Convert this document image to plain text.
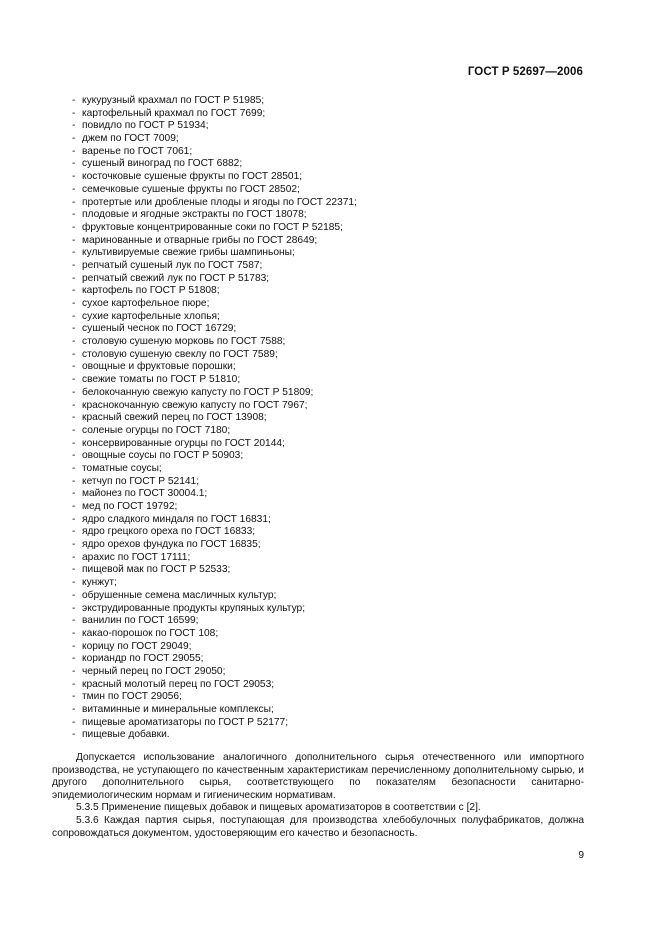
ГОСТ Р 52697—2006
- кукурузный крахмал по ГОСТ Р 51985;
- картофельный крахмал по ГОСТ 7699;
- повидло по ГОСТ Р 51934;
- джем по ГОСТ 7009;
- варенье по ГОСТ 7061;
- сушеный виноград по ГОСТ 6882;
- косточковые сушеные фрукты по ГОСТ 28501;
- семечковые сушеные фрукты по ГОСТ 28502;
- протертые или дробленые плоды и ягоды по ГОСТ 22371;
- плодовые и ягодные экстракты по ГОСТ 18078;
- фруктовые концентрированные соки по ГОСТ Р 52185;
- маринованные и отварные грибы по ГОСТ 28649;
- культивируемые свежие грибы шампиньоны;
- репчатый сушеный лук по ГОСТ 7587;
- репчатый свежий лук по ГОСТ Р 51783;
- картофель по ГОСТ Р 51808;
- сухое картофельное пюре;
- сухие картофельные хлопья;
- сушеный чеснок по ГОСТ 16729;
- столовую сушеную морковь по ГОСТ 7588;
- столовую сушеную свеклу по ГОСТ 7589;
- овощные и фруктовые порошки;
- свежие томаты по ГОСТ Р 51810;
- белокочанную свежую капусту по ГОСТ Р 51809;
- краснокочанную свежую капусту по ГОСТ 7967;
- красный свежий перец по ГОСТ 13908;
- соленые огурцы по ГОСТ 7180;
- консервированные огурцы по ГОСТ 20144;
- овощные соусы по ГОСТ Р 50903;
- томатные соусы;
- кетчуп по ГОСТ Р 52141;
- майонез по ГОСТ 30004.1;
- мед по ГОСТ 19792;
- ядро сладкого миндаля по ГОСТ 16831;
- ядро грецкого ореха по ГОСТ 16833;
- ядро орехов фундука по ГОСТ 16835;
- арахис по ГОСТ 17111;
- пищевой мак по ГОСТ Р 52533;
- кунжут;
- обрушенные семена масличных культур;
- экструдированные продукты крупяных культур;
- ванилин по ГОСТ 16599;
- какао-порошок по ГОСТ 108;
- корицу по ГОСТ 29049;
- кориандр по ГОСТ 29055;
- черный перец по ГОСТ 29050;
- красный молотый перец по ГОСТ 29053;
- тмин по ГОСТ 29056;
- витаминные и минеральные комплексы;
- пищевые ароматизаторы по ГОСТ Р 52177;
- пищевые добавки.

Допускается использование аналогичного дополнительного сырья отечественного или импортного производства, не уступающего по качественным характеристикам перечисленному дополнительному сырью, и другого дополнительного сырья, соответствующего по показателям безопасности санитарно-эпидемиологическим нормам и гигиеническим нормативам.

5.3.5 Применение пищевых добавок и пищевых ароматизаторов в соответствии с [2].

5.3.6 Каждая партия сырья, поступающая для производства хлебобулочных полуфабрикатов, должна сопровождаться документом, удостоверяющим его качество и безопасность.

9
